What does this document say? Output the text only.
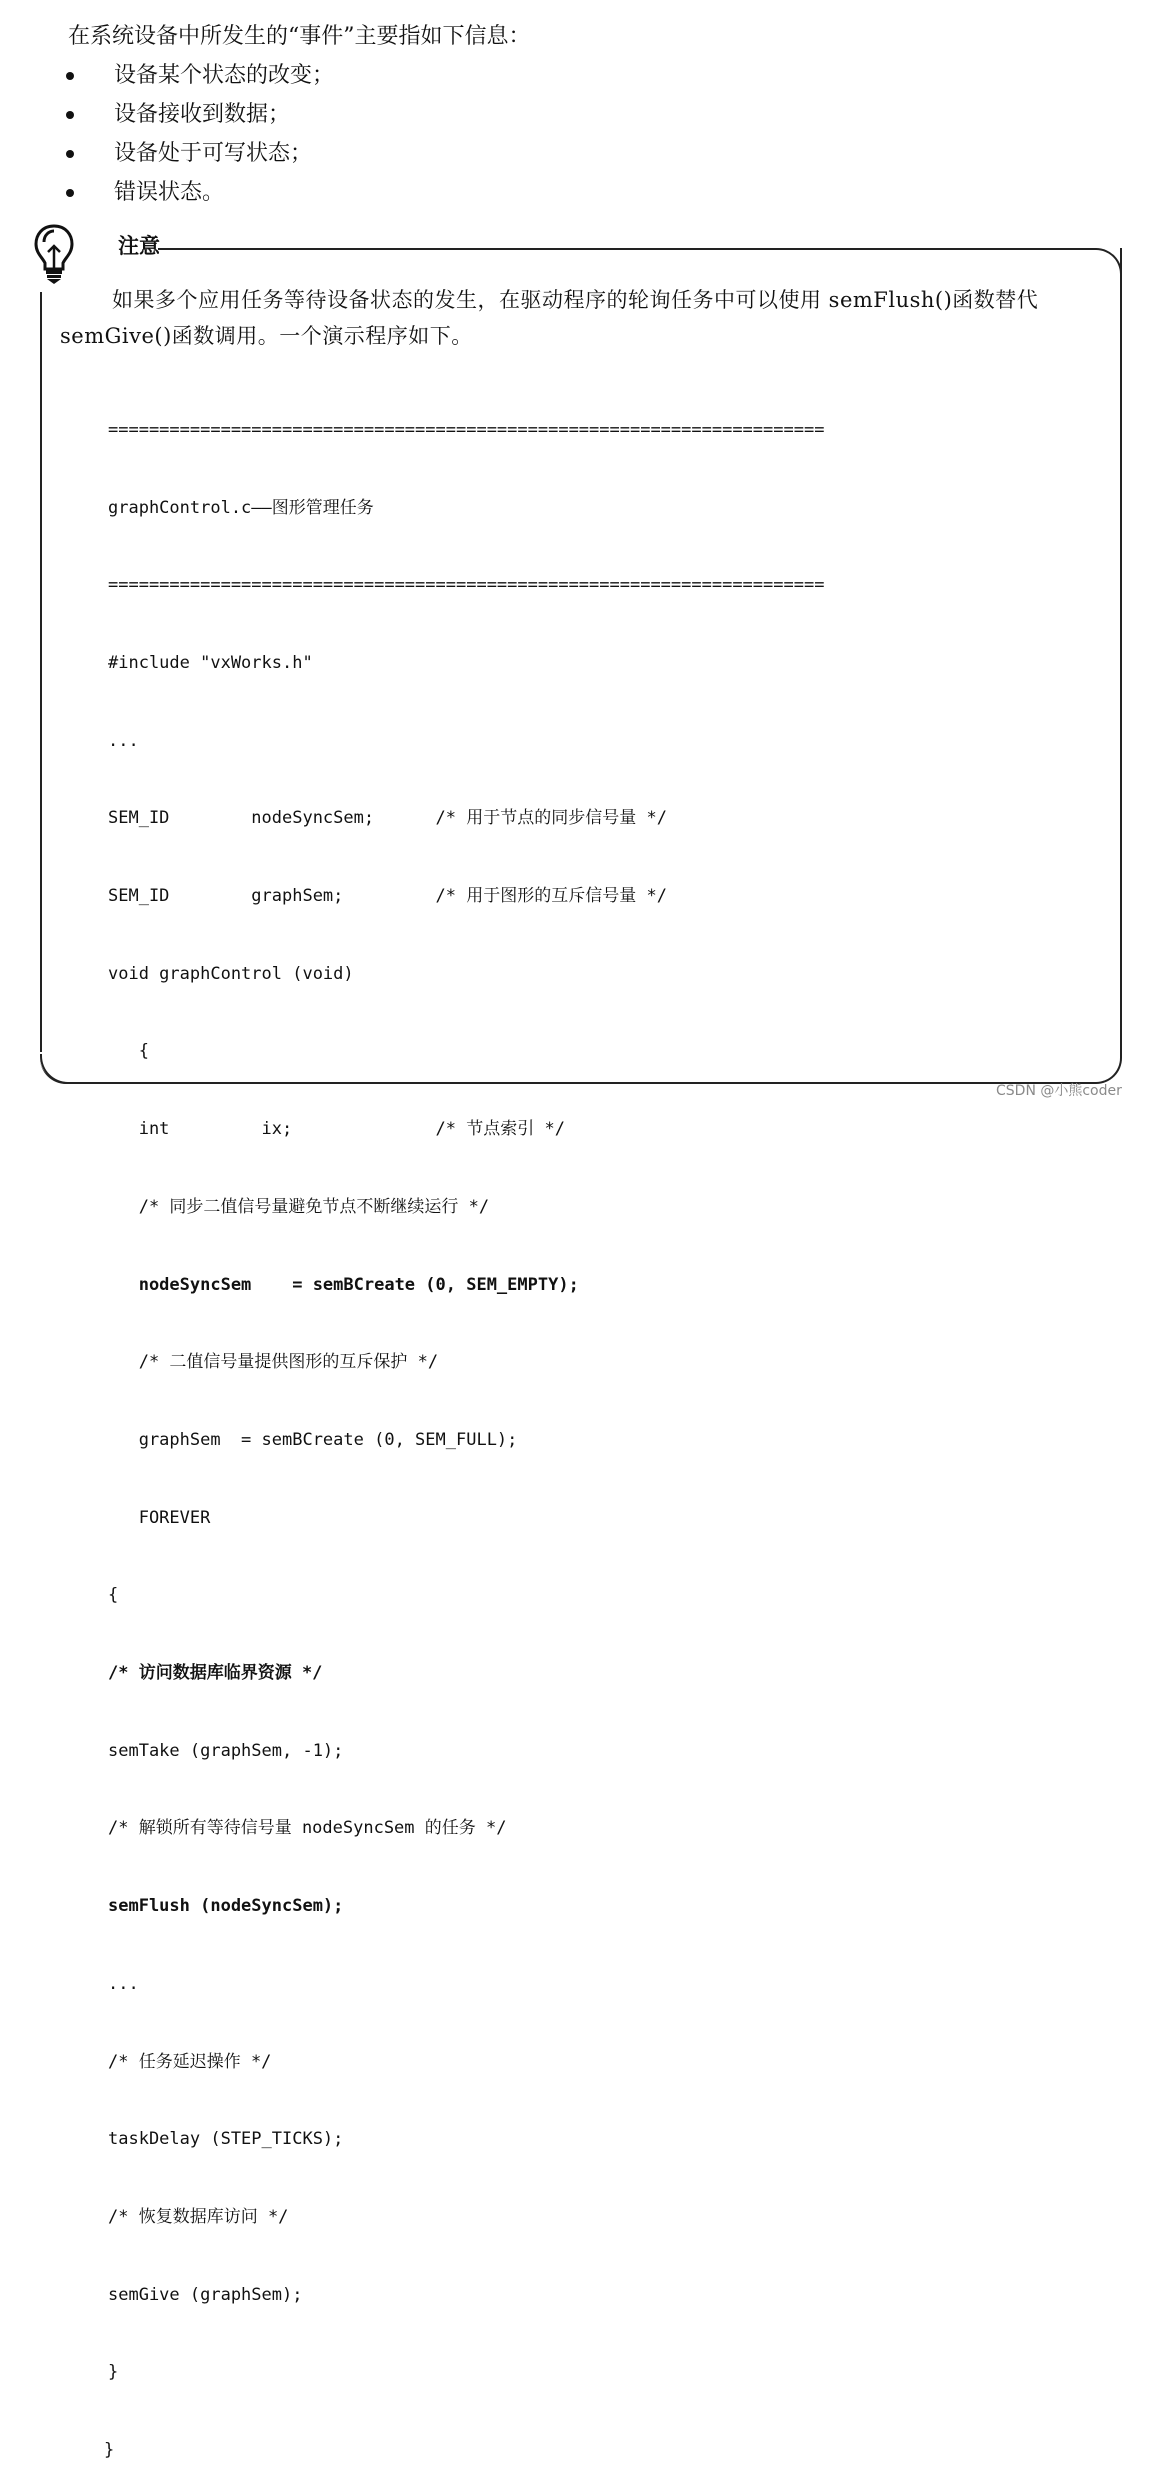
在系统设备中所发生的“事件”主要指如下信息：
设备某个状态的改变；
设备接收到数据；
设备处于可写状态；
错误状态。
注意
如果多个应用任务等待设备状态的发生，在驱动程序的轮询任务中可以使用 semFlush()函数替代 semGive()函数调用。一个演示程序如下。

======================================================================

graphControl.c——图形管理任务

======================================================================

#include "vxWorks.h"

...

SEM_ID        nodeSyncSem;      /* 用于节点的同步信号量 */

SEM_ID        graphSem;         /* 用于图形的互斥信号量 */

void graphControl (void)

{

int         ix;              /* 节点索引 */

/* 同步二值信号量避免节点不断继续运行 */

nodeSyncSem    = semBCreate (0, SEM_EMPTY);

/* 二值信号量提供图形的互斥保护 */

graphSem  = semBCreate (0, SEM_FULL);

FOREVER

{

/* 访问数据库临界资源 */

semTake (graphSem, -1);

/* 解锁所有等待信号量 nodeSyncSem 的任务 */

semFlush (nodeSyncSem);

...

/* 任务延迟操作 */

taskDelay (STEP_TICKS);

/* 恢复数据库访问 */

semGive (graphSem);

}

}

CSDN @小熊coder
